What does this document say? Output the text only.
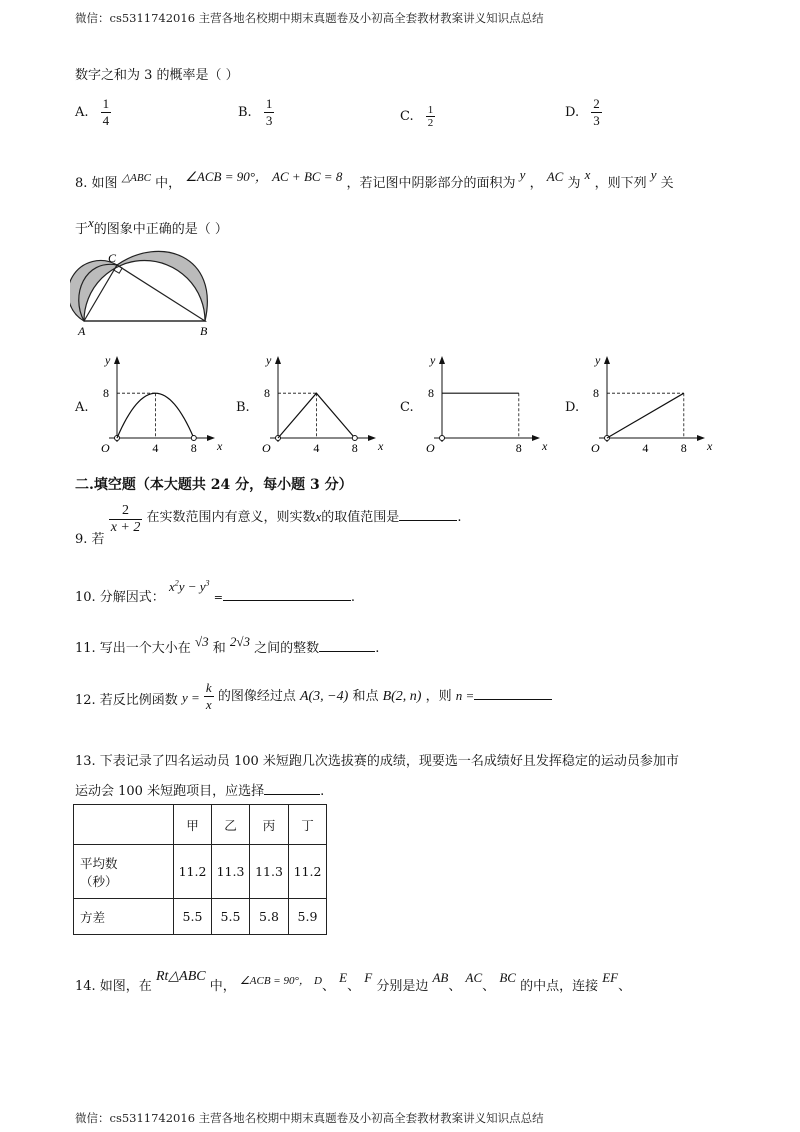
微信：cs5311742016 主营各地名校期中期末真题卷及小初高全套教材教案讲义知识点总结
数字之和为 3 的概率是（ ）
A. $\frac{1}{4}$	B. $\frac{1}{3}$	C. $\frac{1}{2}$	D. $\frac{2}{3}$
8. 如图 $^{\triangle ABC}$ 中， ∠ACB = 90°， AC + BC = 8 ，若记图中阴影部分的面积为 y ， AC 为 x ，则下列 y 关
于x的图象中正确的是（ ）
C
A	B
A.
y
x
O
8
4	8
B.
y
x
O
8
4	8
C.
y
x
O
8
8
D.
y
x
O
8
4	8
二.填空题（本大题共 24 分，每小题 3 分）
9. 若
$\frac{2}{x + 2}$ 在实数范围内有意义，则实数x的取值范围是	.
10. 分解因式： $x^2y - y^3$ =	.
11. 写出一个大小在 √3 和 2√3 之间的整数	.
12. 若反比例函数 $y = \frac{k}{x}$ 的图像经过点 A(3, −4) 和点 B(2, n) ，则 n =
13. 下表记录了四名运动员 100 米短跑几次选拔赛的成绩，现要选一名成绩好且发挥稳定的运动员参加市
运动会 100 米短跑项目，应选择	.
	甲	乙	丙	丁

平均数
（秒）	11.2	11.3	11.3	11.2
方差	5.5	5.5	5.8	5.9
14. 如图，在 Rt△ABC 中， $^{\angle ACB = 90^\circ,}$ $^D$、 E、 F 分别是边 AB、 AC、 BC 的中点，连接 EF、
微信：cs5311742016 主营各地名校期中期末真题卷及小初高全套教材教案讲义知识点总结
